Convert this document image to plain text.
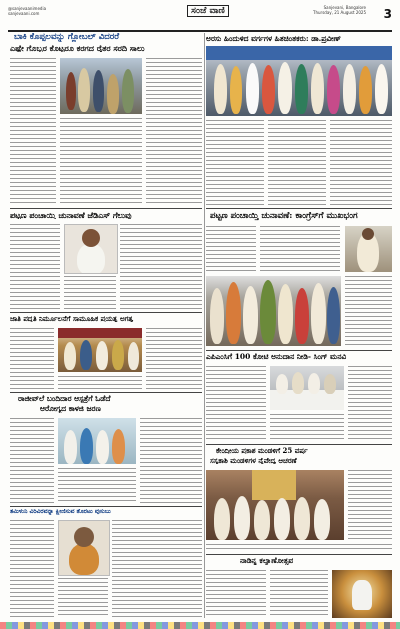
@sanjevaanimedia
sanjevaani.com	ಸಂಜೆ ವಾಣಿ	Sanjevani, Bangalore
Thursday, 21 August 2025 3
ಬಾಕಿ ಕೊಪ್ಪಲವನ್ನು ಗ್ಲೋಬಲ್ ವಿದರರೆ
ಎಷ್ಟೇ ಗೊಬ್ಬರ ಕೊಟ್ಟರೂ ಕರಗದ ರೈತರ ಸರದಿ ಸಾಲು
ಅರಸು ಹಿಂದುಳಿದ ವರ್ಗಗಳ ಹಿತಚಿಂತಕರು: ಡಾ.ಪ್ರವೀಣ್
ಪಟ್ಟಣ ಪಂಚಾಯ್ತಿ ಚುನಾವಣೆ: ಕಾಂಗ್ರೆಸ್‌ಗೆ ಮುಖಭಂಗ
ಪಟ್ಟಣ ಪಂಚಾಯ್ತಿ ಚುನಾವಣೆ ಜೆಡಿಎಸ್ ಗೆಲುವು
ಜಾತಿ ಪದ್ಧತಿ ನಿರ್ಮೂಲನೆಗೆ ಸಾಮೂಹಿಕ ಪ್ರಯತ್ನ ಅಗತ್ಯ
ಎಪಿಎಂಸಿಗೆ 100 ಕೋಟಿ ಅನುದಾನ ನೀಡಿ- ಸಿಂಗ್ ಮನವಿ
ರಾಜೀವ್‌ಲೆ ಬಂದಿದಾರ ಆಸ್ಪತ್ರೆಗೆ ಓಡೆದೆ
ಆರೋಗ್ಯದ ಕಾಳಜಿ ಜರಣ
ಕೇಂದ್ರೀಯ ಪ್ರಕಾಶ ಮಂಡಳಿಗೆ 25 ವರ್ಷ
ಸಸ್ಯಕಾಶಿ ಮಂಡಳಿಗಳ ನೈವೇದ್ಯ ಆಚರಣೆ
ತಮಿಳುನಿ ವಿರಿವಿರವನ್ನಾ ಕ್ಷೀಣಿಸುವ ತೊರಟು ವುಸುಬು
ನಾಡಿನ್ನ ಕಲ್ಯಾಣೋತ್ಸವ
